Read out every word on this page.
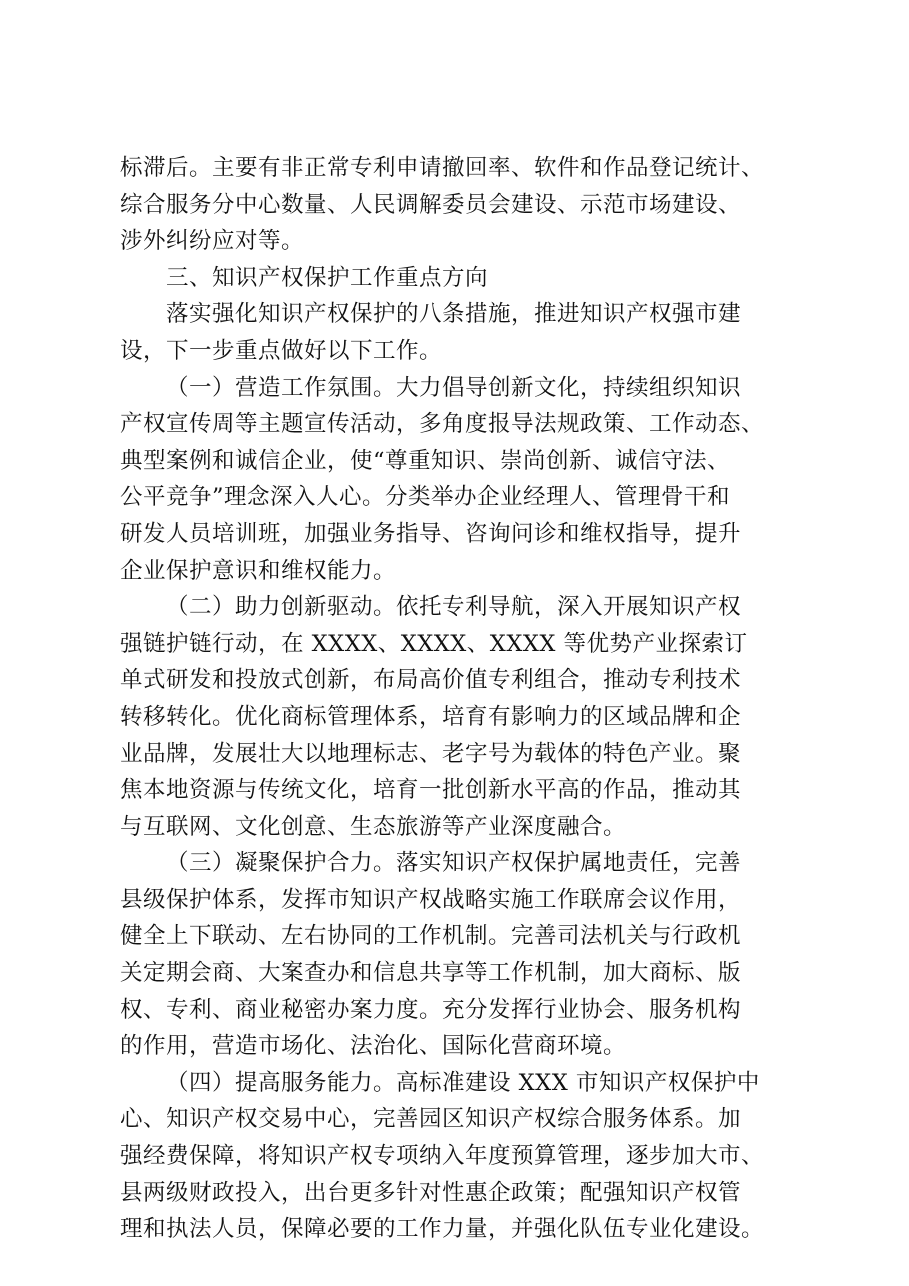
标滞后。主要有非正常专利申请撤回率、软件和作品登记统计、
综合服务分中心数量、人民调解委员会建设、示范市场建设、
涉外纠纷应对等。
三、知识产权保护工作重点方向
落实强化知识产权保护的八条措施，推进知识产权强市建
设，下一步重点做好以下工作。
（一）营造工作氛围。大力倡导创新文化，持续组织知识
产权宣传周等主题宣传活动，多角度报导法规政策、工作动态、
典型案例和诚信企业，使“尊重知识、崇尚创新、诚信守法、
公平竞争”理念深入人心。分类举办企业经理人、管理骨干和
研发人员培训班，加强业务指导、咨询问诊和维权指导，提升
企业保护意识和维权能力。
（二）助力创新驱动。依托专利导航，深入开展知识产权
强链护链行动，在 XXXX、XXXX、XXXX 等优势产业探索订
单式研发和投放式创新，布局高价值专利组合，推动专利技术
转移转化。优化商标管理体系，培育有影响力的区域品牌和企
业品牌，发展壮大以地理标志、老字号为载体的特色产业。聚
焦本地资源与传统文化，培育一批创新水平高的作品，推动其
与互联网、文化创意、生态旅游等产业深度融合。
（三）凝聚保护合力。落实知识产权保护属地责任，完善
县级保护体系，发挥市知识产权战略实施工作联席会议作用，
健全上下联动、左右协同的工作机制。完善司法机关与行政机
关定期会商、大案查办和信息共享等工作机制，加大商标、版
权、专利、商业秘密办案力度。充分发挥行业协会、服务机构
的作用，营造市场化、法治化、国际化营商环境。
（四）提高服务能力。高标准建设 XXX 市知识产权保护中
心、知识产权交易中心，完善园区知识产权综合服务体系。加
强经费保障，将知识产权专项纳入年度预算管理，逐步加大市、
县两级财政投入，出台更多针对性惠企政策；配强知识产权管
理和执法人员，保障必要的工作力量，并强化队伍专业化建设。
